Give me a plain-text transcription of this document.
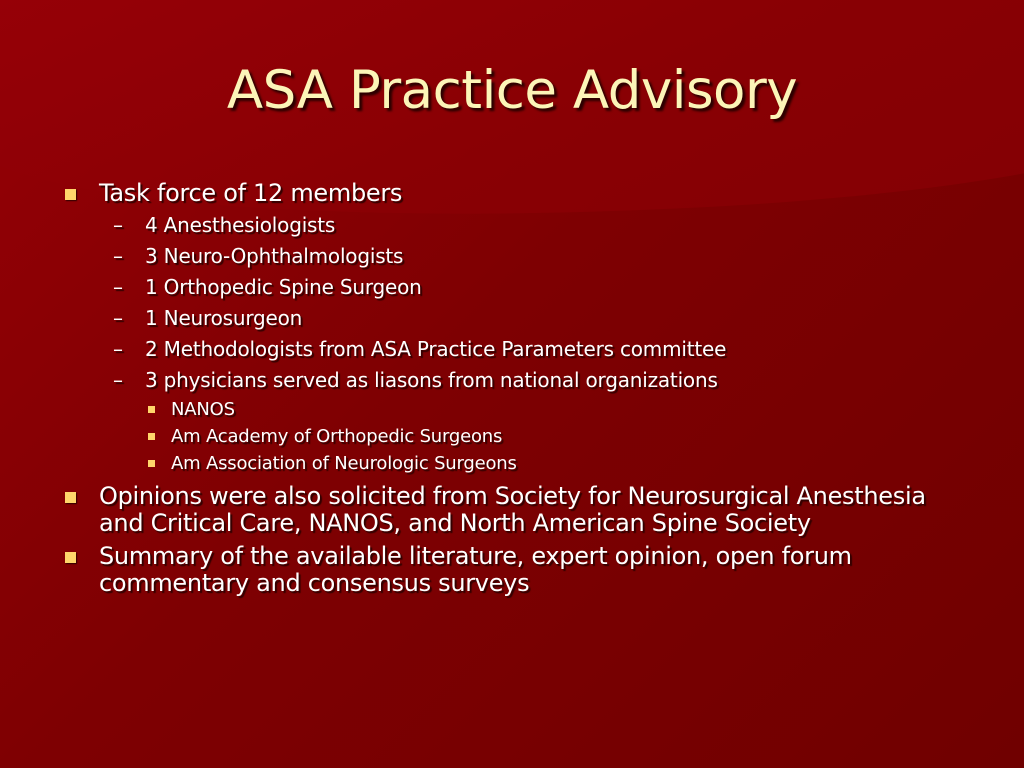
ASA Practice Advisory
Task force of 12 members
– 4 Anesthesiologists
– 3 Neuro-Ophthalmologists
– 1 Orthopedic Spine Surgeon
– 1 Neurosurgeon
– 2 Methodologists from ASA Practice Parameters committee
– 3 physicians served as liasons from national organizations
NANOS
Am Academy of Orthopedic Surgeons
Am Association of Neurologic Surgeons
Opinions were also solicited from Society for Neurosurgical Anesthesia and Critical Care, NANOS, and North American Spine Society
Summary of the available literature, expert opinion, open forum commentary and consensus surveys
